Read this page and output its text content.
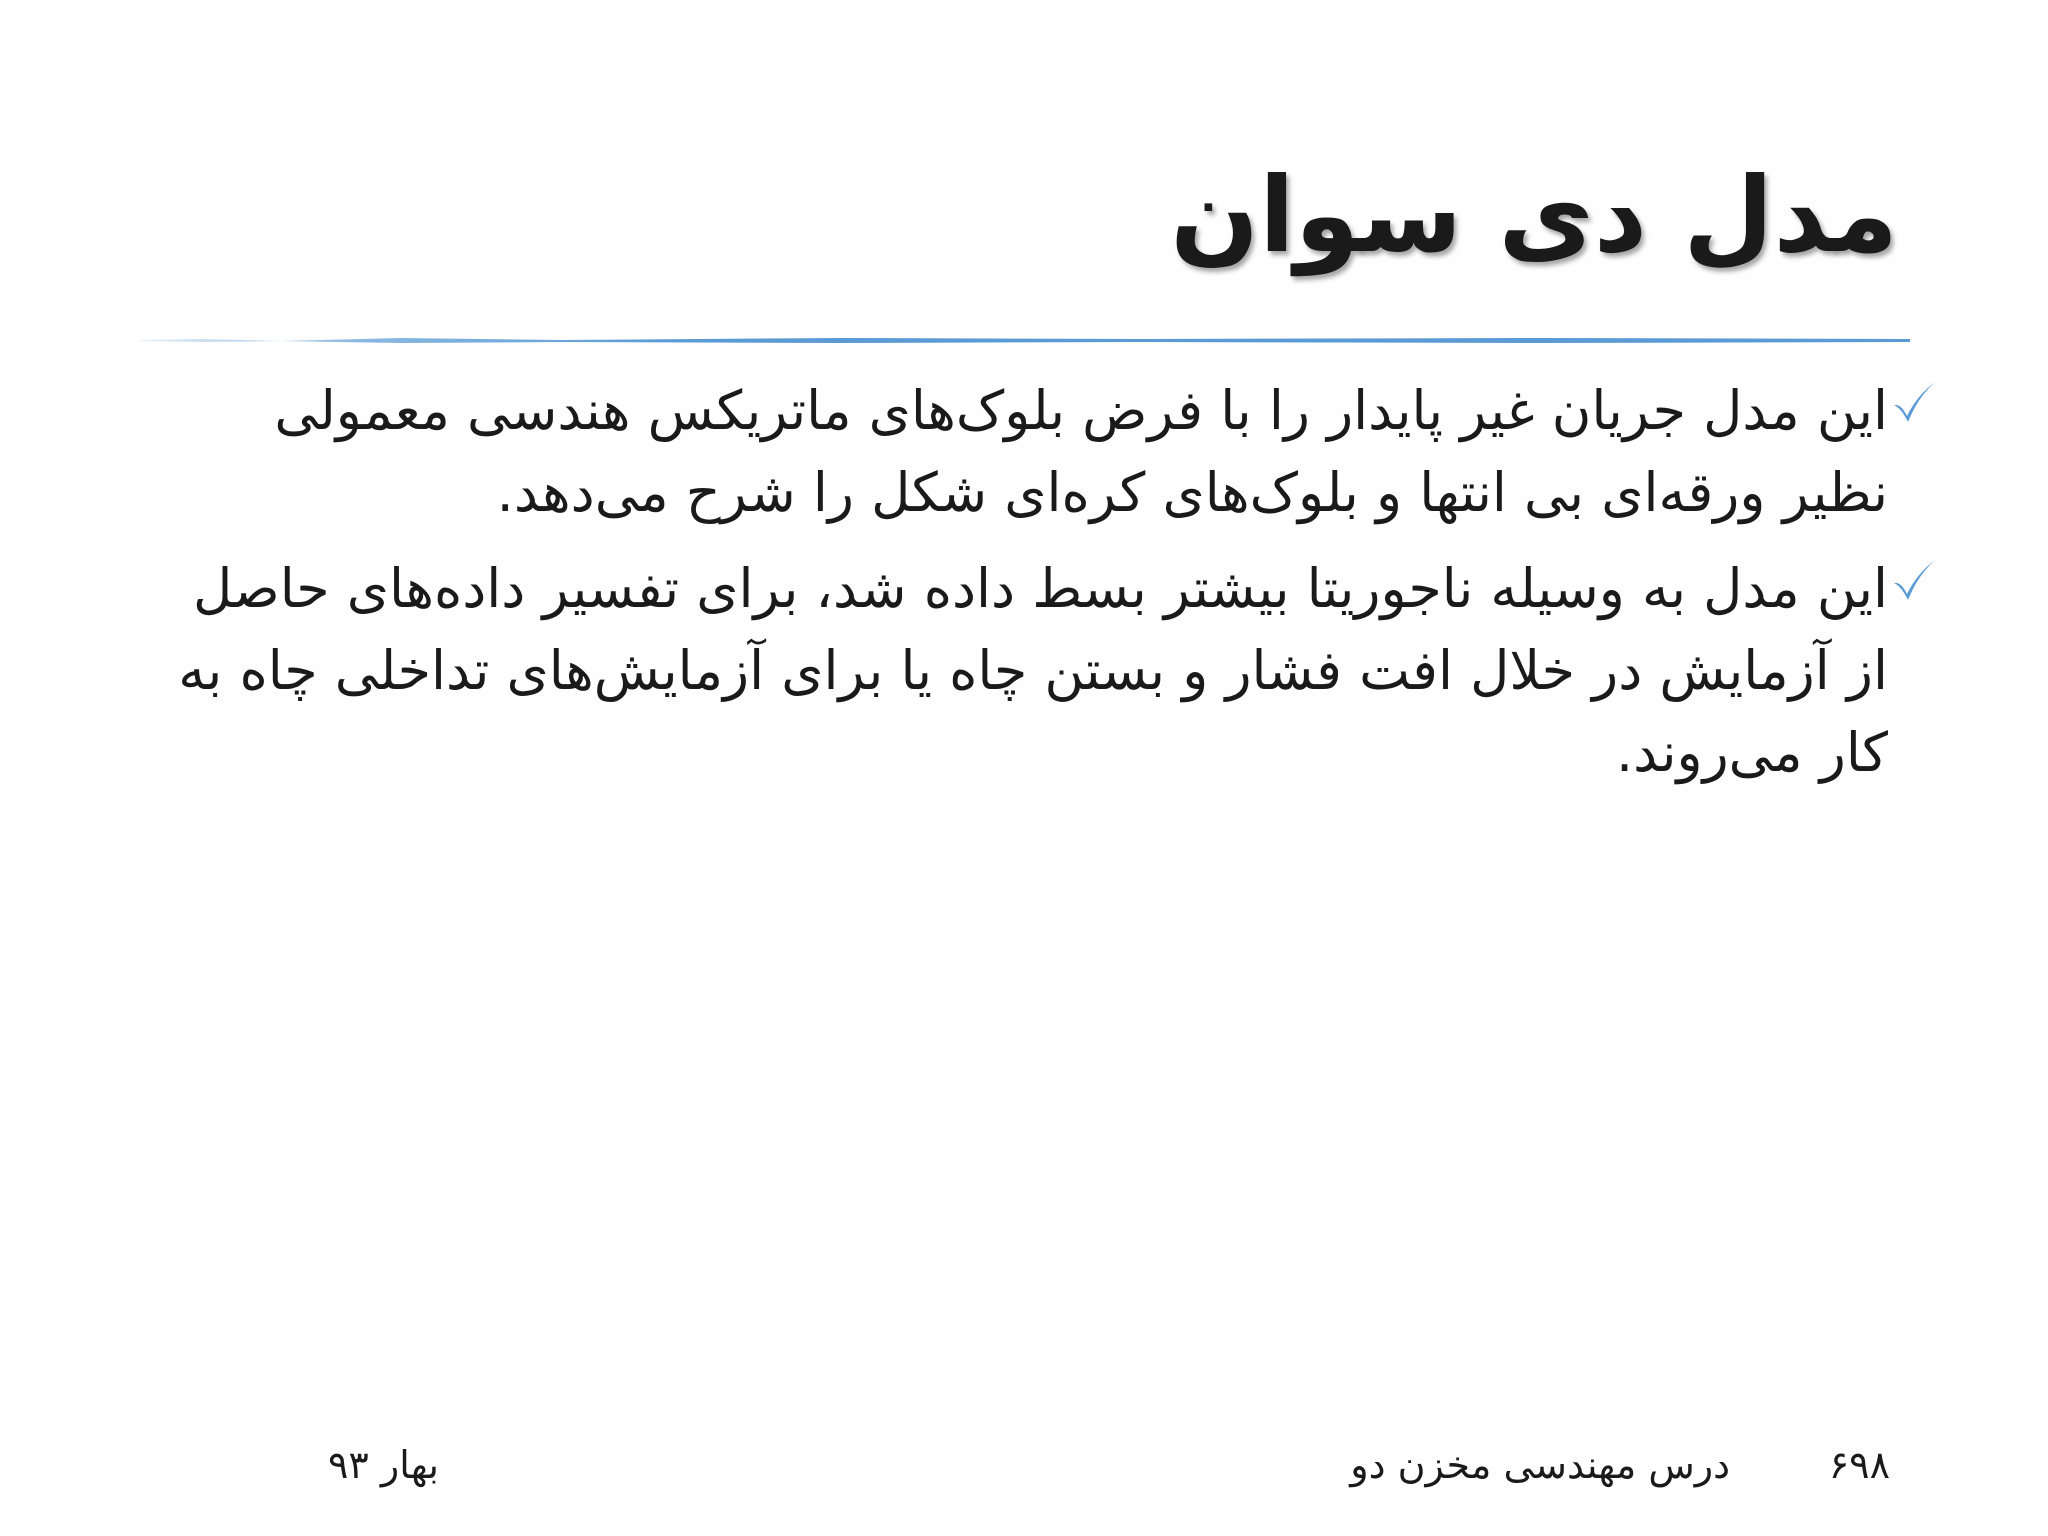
مدل دی سوان
این مدل جریان غیر پایدار را با فرض بلوک‌های ماتریکس هندسی معمولی نظیر ورقه‌ای بی انتها و بلوک‌های کره‌ای شکل را شرح می‌دهد.
این مدل به وسیله ناجوریتا بیشتر بسط داده شد، برای تفسیر داده‌های حاصل از آزمایش در خلال افت فشار و بستن چاه یا برای آزمایش‌های تداخلی چاه به کار می‌روند.
۶۹۸
درس مهندسی مخزن دو
بهار ۹۳
